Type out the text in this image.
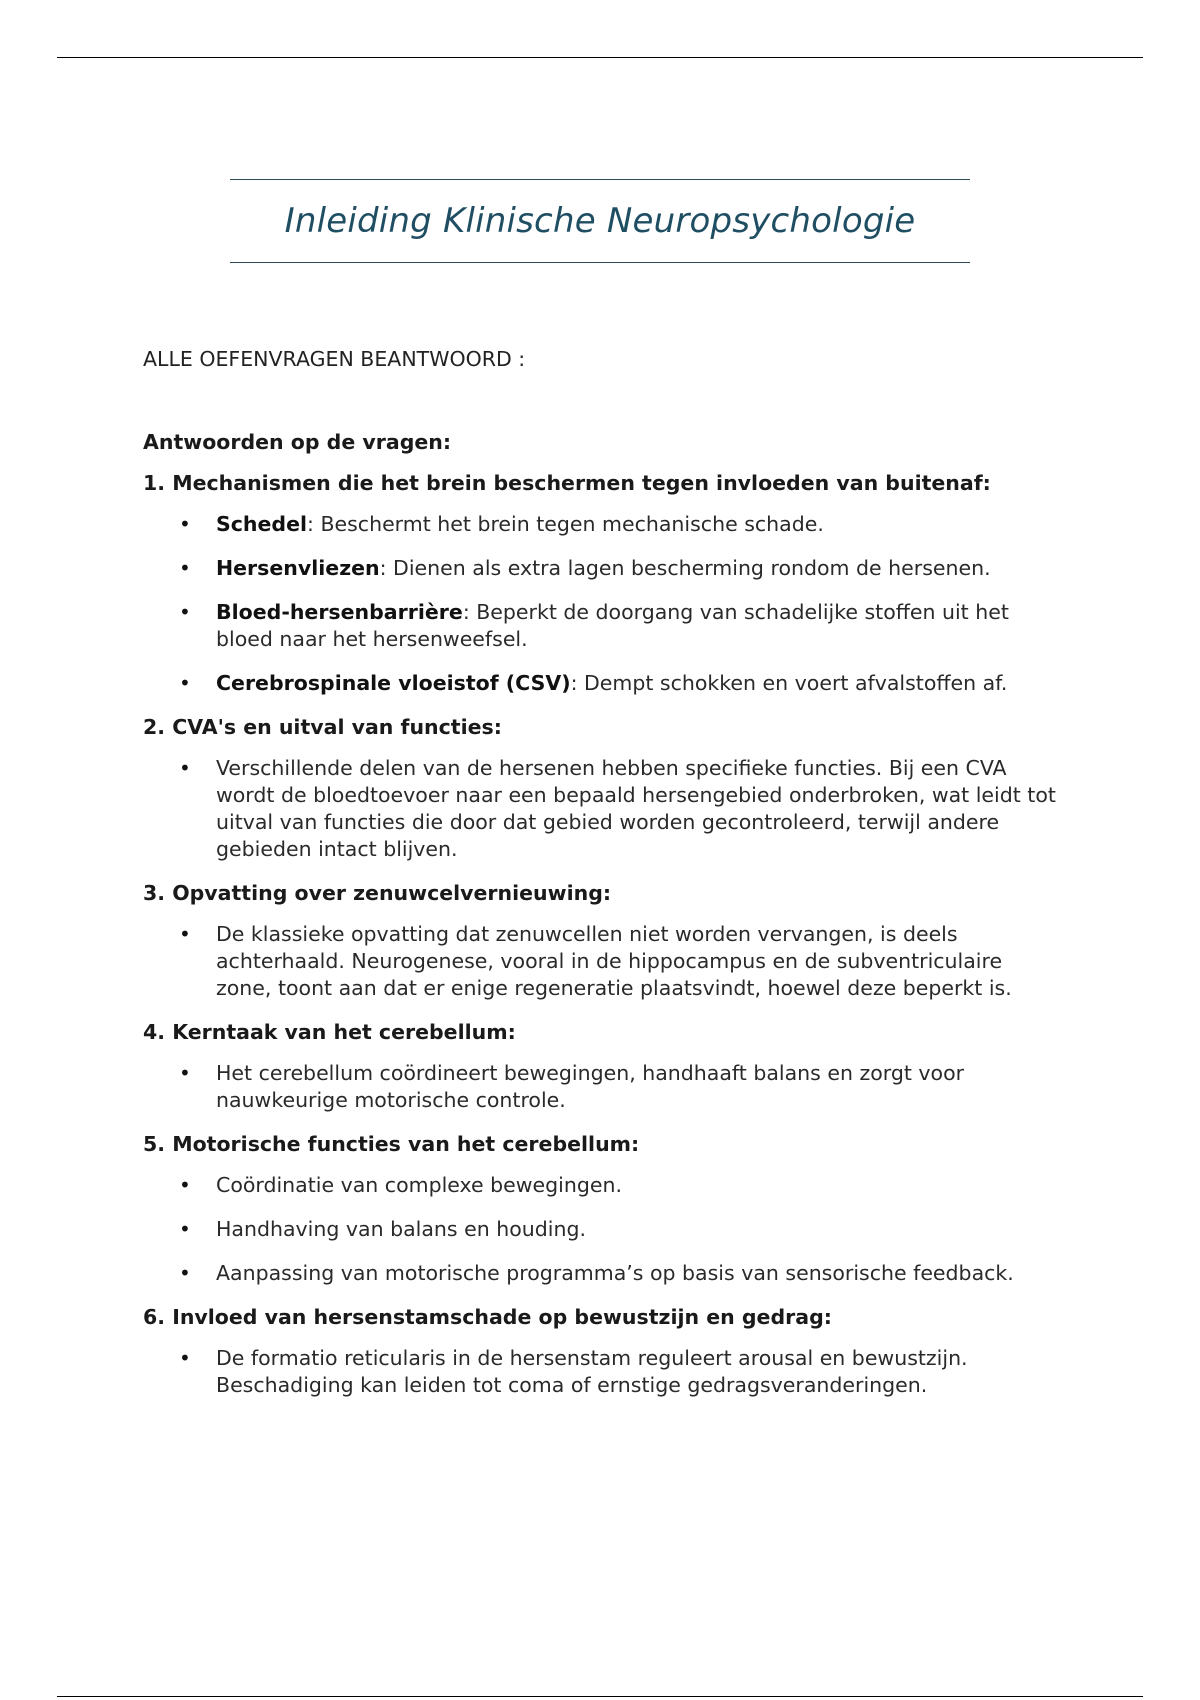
Inleiding Klinische Neuropsychologie

ALLE OEFENVRAGEN BEANTWOORD :

Antwoorden op de vragen:

1. Mechanismen die het brein beschermen tegen invloeden van buitenaf:

• Schedel: Beschermt het brein tegen mechanische schade.
• Hersenvliezen: Dienen als extra lagen bescherming rondom de hersenen.
• Bloed-hersenbarrière: Beperkt de doorgang van schadelijke stoffen uit het bloed naar het hersenweefsel.
• Cerebrospinale vloeistof (CSV): Dempt schokken en voert afvalstoffen af.

2. CVA's en uitval van functies:

• Verschillende delen van de hersenen hebben specifieke functies. Bij een CVA wordt de bloedtoevoer naar een bepaald hersengebied onderbroken, wat leidt tot uitval van functies die door dat gebied worden gecontroleerd, terwijl andere gebieden intact blijven.

3. Opvatting over zenuwcelvernieuwing:

• De klassieke opvatting dat zenuwcellen niet worden vervangen, is deels achterhaald. Neurogenese, vooral in de hippocampus en de subventriculaire zone, toont aan dat er enige regeneratie plaatsvindt, hoewel deze beperkt is.

4. Kerntaak van het cerebellum:

• Het cerebellum coördineert bewegingen, handhaaft balans en zorgt voor nauwkeurige motorische controle.

5. Motorische functies van het cerebellum:

• Coördinatie van complexe bewegingen.
• Handhaving van balans en houding.
• Aanpassing van motorische programma’s op basis van sensorische feedback.

6. Invloed van hersenstamschade op bewustzijn en gedrag:

• De formatio reticularis in de hersenstam reguleert arousal en bewustzijn. Beschadiging kan leiden tot coma of ernstige gedragsveranderingen.
